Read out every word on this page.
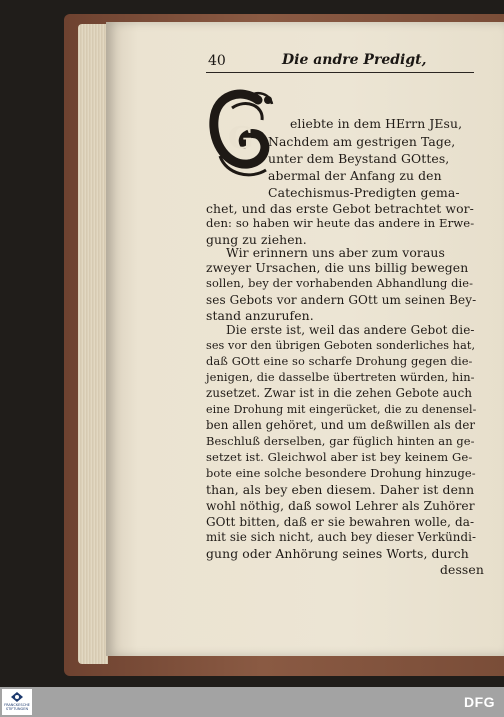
40	Die andre Predigt,
G	eliebte in dem HErrn JEsu,
Nachdem am gestrigen Tage,
unter dem Beystand GOttes,
abermal der Anfang zu den
Catechismus-Predigten gema-
chet, und das erste Gebot betrachtet wor-
den: so haben wir heute das andere in Erwe-
gung zu ziehen.
Wir erinnern uns aber zum voraus
zweyer Ursachen, die uns billig bewegen
sollen, bey der vorhabenden Abhandlung die-
ses Gebots vor andern GOtt um seinen Bey-
stand anzurufen.
Die erste ist, weil das andere Gebot die-
ses vor den übrigen Geboten sonderliches hat,
daß GOtt eine so scharfe Drohung gegen die-
jenigen, die dasselbe übertreten würden, hin-
zusetzet. Zwar ist in die zehen Gebote auch
eine Drohung mit eingerücket, die zu denensel-
ben allen gehöret, und um deßwillen als der
Beschluß derselben, gar füglich hinten an ge-
setzet ist. Gleichwol aber ist bey keinem Ge-
bote eine solche besondere Drohung hinzuge-
than, als bey eben diesem. Daher ist denn
wohl nöthig, daß sowol Lehrer als Zuhörer
GOtt bitten, daß er sie bewahren wolle, da-
mit sie sich nicht, auch bey dieser Verkündi-
gung oder Anhörung seines Worts, durch
dessen
FRANCKESCHE STIFTUNGEN	DFG
